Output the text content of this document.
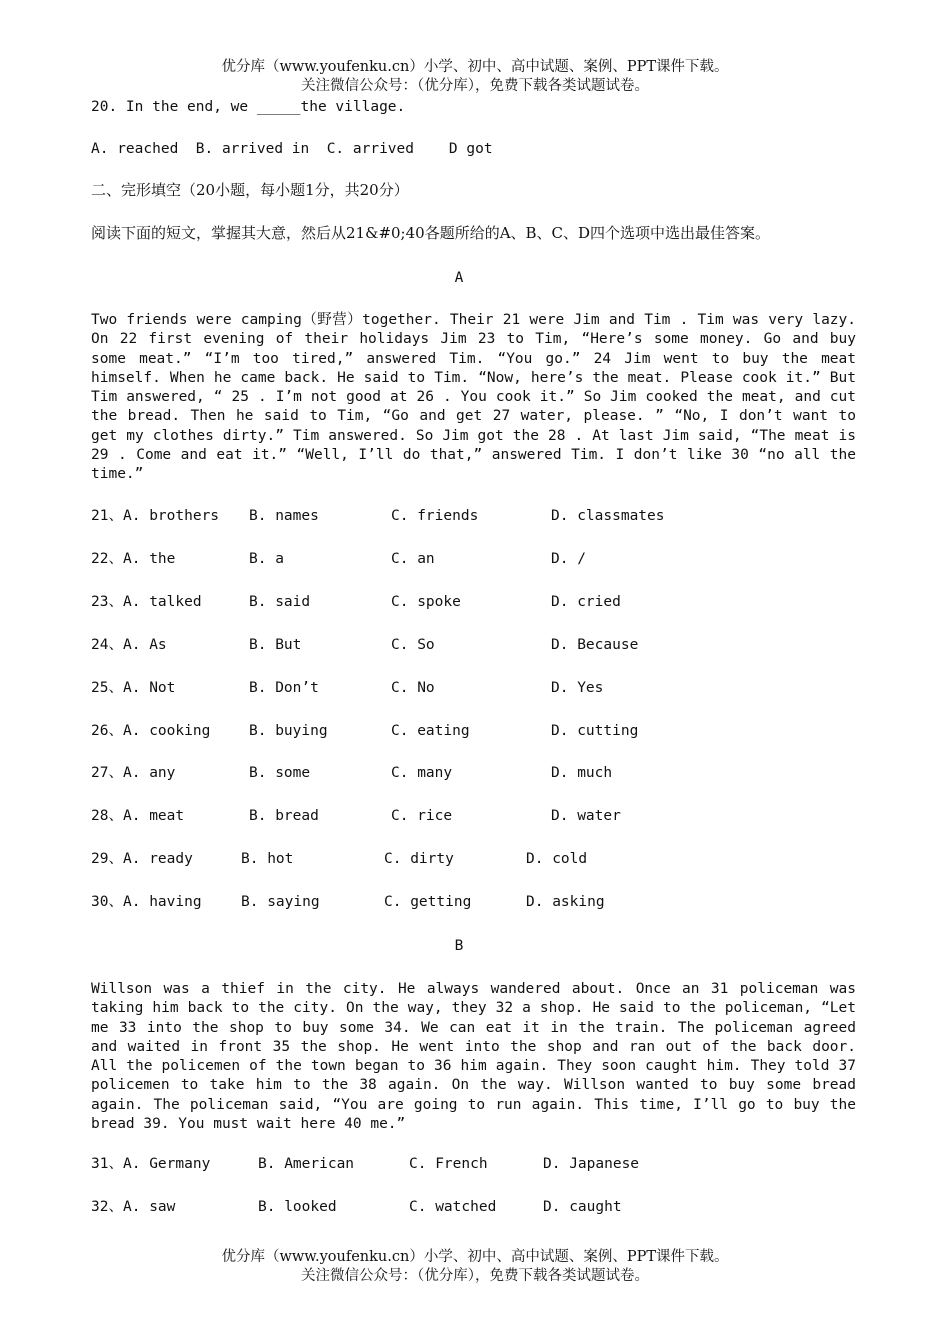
优分库（www.youfenku.cn）小学、初中、高中试题、案例、PPT课件下载。
关注微信公众号：（优分库），免费下载各类试题试卷。
20. In the end, we _____the village.
A. reached  B. arrived in  C. arrived    D got
二、完形填空（20小题，每小题1分，共20分）
阅读下面的短文，掌握其大意，然后从21&#0;40各题所给的A、B、C、D四个选项中选出最佳答案。
A
Two friends were camping（野营）together. Their 21 were Jim and Tim . Tim was very lazy. On 22 first evening of their holidays Jim 23 to Tim, “Here’s some money. Go and buy some meat.” “I’m too tired,” answered Tim. “You go.” 24 Jim went to buy the meat himself. When he came back. He said to Tim. “Now, here’s the meat. Please cook it.” But Tim answered, “ 25 . I’m not good at 26 . You cook it.” So Jim cooked the meat, and cut the bread. Then he said to Tim, “Go and get 27 water, please. ” “No, I don’t want to get my clothes dirty.” Tim answered. So Jim got the 28 . At last Jim said, “The meat is 29 . Come and eat it.” “Well, I’ll do that,” answered Tim. I don’t like 30 “no all the time.”
21、 A. brothers B. names	C. friends	D. classmates
22、 A. the	B. a	C. an	D. /
23、 A. talked	B. said	C. spoke	D. cried
24、 A. As	B. But	C. So	D. Because
25、 A. Not	B. Don’t	C. No	D. Yes
26、 A. cooking	B. buying	C. eating	D. cutting
27、 A. any	B. some	C. many	D. much
28、 A. meat	B. bread	C. rice	D. water
29、 A. ready	B. hot	C. dirty	D. cold
30、 A. having	B. saying	C. getting	D. asking
B
Willson was a thief in the city. He always wandered about. Once an 31 policeman was taking him back to the city. On the way, they 32 a shop. He said to the policeman, “Let me 33 into the shop to buy some 34. We can eat it in the train. The policeman agreed and waited in front 35 the shop. He went into the shop and ran out of the back door. All the policemen of the town began to 36 him again. They soon caught him. They told 37 policemen to take him to the 38 again. On the way. Willson wanted to buy some bread again. The policeman said, “You are going to run again. This time, I’ll go to buy the bread 39. You must wait here 40 me.”
31、 A. Germany	B. American	C. French	D. Japanese
32、 A. saw	B. looked	C. watched	D. caught
优分库（www.youfenku.cn）小学、初中、高中试题、案例、PPT课件下载。
关注微信公众号：（优分库），免费下载各类试题试卷。
